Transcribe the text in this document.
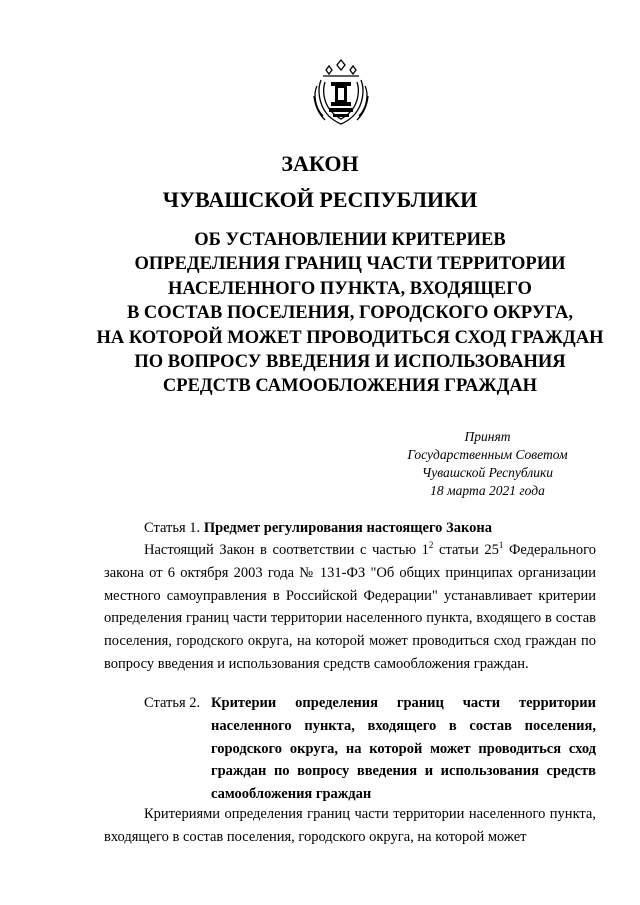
ЗАКОН
ЧУВАШСКОЙ РЕСПУБЛИКИ
ОБ УСТАНОВЛЕНИИ КРИТЕРИЕВ
ОПРЕДЕЛЕНИЯ ГРАНИЦ ЧАСТИ ТЕРРИТОРИИ
НАСЕЛЕННОГО ПУНКТА, ВХОДЯЩЕГО
В СОСТАВ ПОСЕЛЕНИЯ, ГОРОДСКОГО ОКРУГА,
НА КОТОРОЙ МОЖЕТ ПРОВОДИТЬСЯ СХОД ГРАЖДАН
ПО ВОПРОСУ ВВЕДЕНИЯ И ИСПОЛЬЗОВАНИЯ
СРЕДСТВ САМООБЛОЖЕНИЯ ГРАЖДАН
Принят
Государственным Советом
Чувашской Республики
18 марта 2021 года
Статья 1. Предмет регулирования настоящего Закона

Настоящий Закон в соответствии с частью $1^2$ статьи $25^1$ Федерального закона от 6 октября 2003 года № 131-ФЗ "Об общих принципах организации местного самоуправления в Российской Федерации" устанавливает критерии определения границ части территории населенного пункта, входящего в состав поселения, городского округа, на которой может проводиться сход граждан по вопросу введения и использования средств самообложения граждан.

Статья 2. Критерии определения границ части территории населенного пункта, входящего в состав поселения, городского округа, на которой может проводиться сход граждан по вопросу введения и использования средств самообложения граждан

Критериями определения границ части территории населенного пункта, входящего в состав поселения, городского округа, на которой может
